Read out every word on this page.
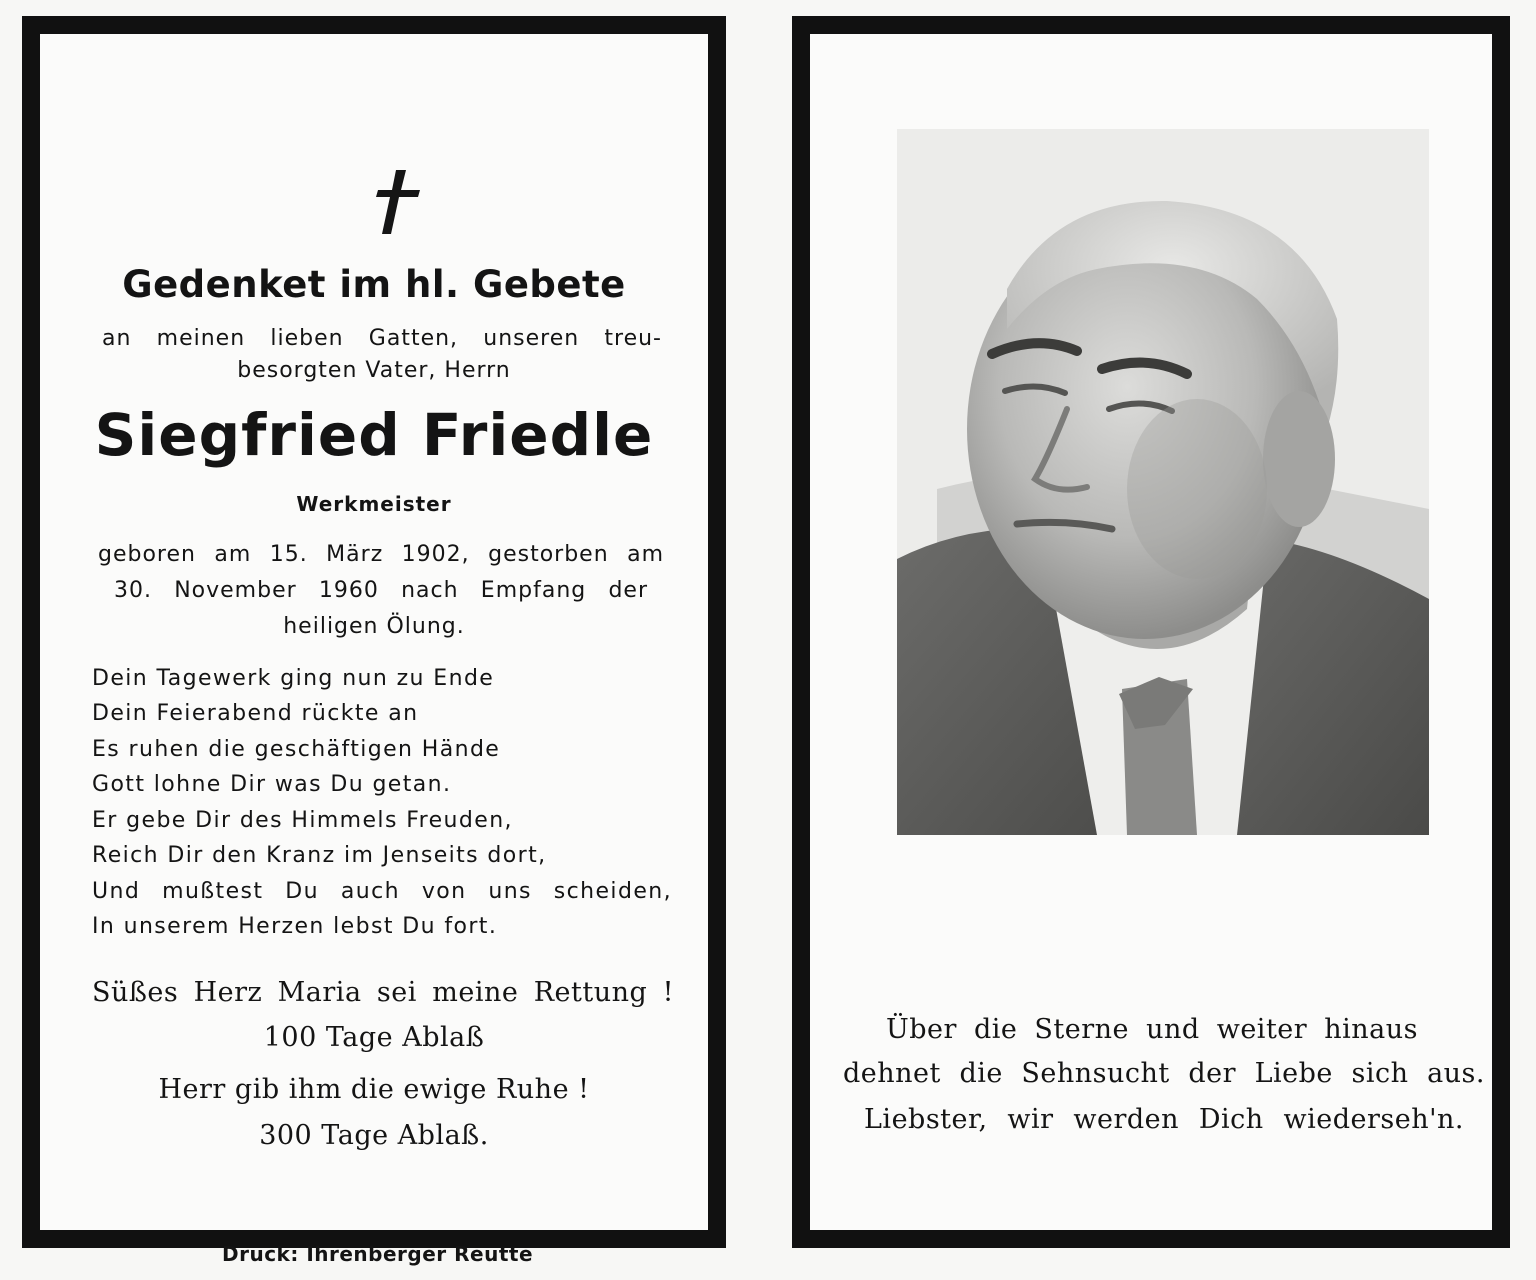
Gedenket im hl. Gebete
an meinen lieben Gatten, unseren treu-
besorgten Vater, Herrn
Siegfried Friedle
Werkmeister
geboren am 15. März 1902, gestorben am
30. November 1960 nach Empfang der
heiligen Ölung.
Dein Tagewerk ging nun zu Ende
Dein Feierabend rückte an
Es ruhen die geschäftigen Hände
Gott lohne Dir was Du getan.
Er gebe Dir des Himmels Freuden,
Reich Dir den Kranz im Jenseits dort,
Und mußtest Du auch von uns scheiden,
In unserem Herzen lebst Du fort.
Süßes Herz Maria sei meine Rettung !
100 Tage Ablaß
Herr gib ihm die ewige Ruhe !
300 Tage Ablaß.
Über die Sterne und weiter hinaus
dehnet die Sehnsucht der Liebe sich aus.
Liebster, wir werden Dich wiederseh'n.
Druck: Ihrenberger Reutte
